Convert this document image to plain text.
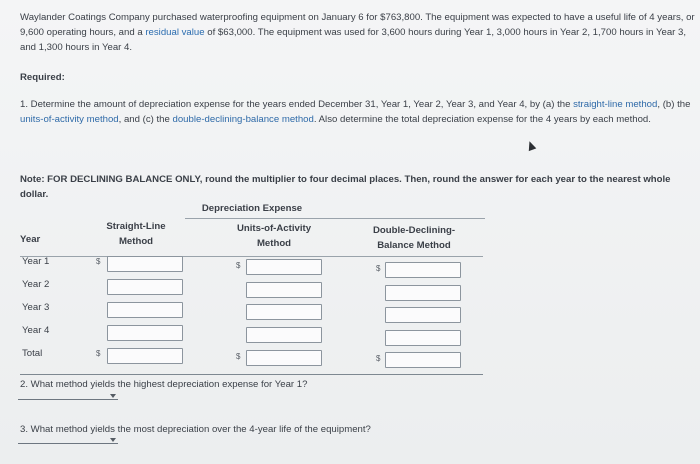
Waylander Coatings Company purchased waterproofing equipment on January 6 for $763,800. The equipment was expected to have a useful life of 4 years, or 9,600 operating hours, and a residual value of $63,000. The equipment was used for 3,600 hours during Year 1, 3,000 hours in Year 2, 1,700 hours in Year 3, and 1,300 hours in Year 4.

Required:

1. Determine the amount of depreciation expense for the years ended December 31, Year 1, Year 2, Year 3, and Year 4, by (a) the straight-line method, (b) the units-of-activity method, and (c) the double-declining-balance method. Also determine the total depreciation expense for the 4 years by each method.

Note: FOR DECLINING BALANCE ONLY, round the multiplier to four decimal places. Then, round the answer for each year to the nearest whole dollar.

Depreciation Expense
Straight-Line
Method
Units-of-Activity
Method
Double-Declining-
Balance Method
Year
Year 1
Year 2
Year 3
Year 4
Total
$
$
$
$
$
$

2. What method yields the highest depreciation expense for Year 1?

3. What method yields the most depreciation over the 4-year life of the equipment?
